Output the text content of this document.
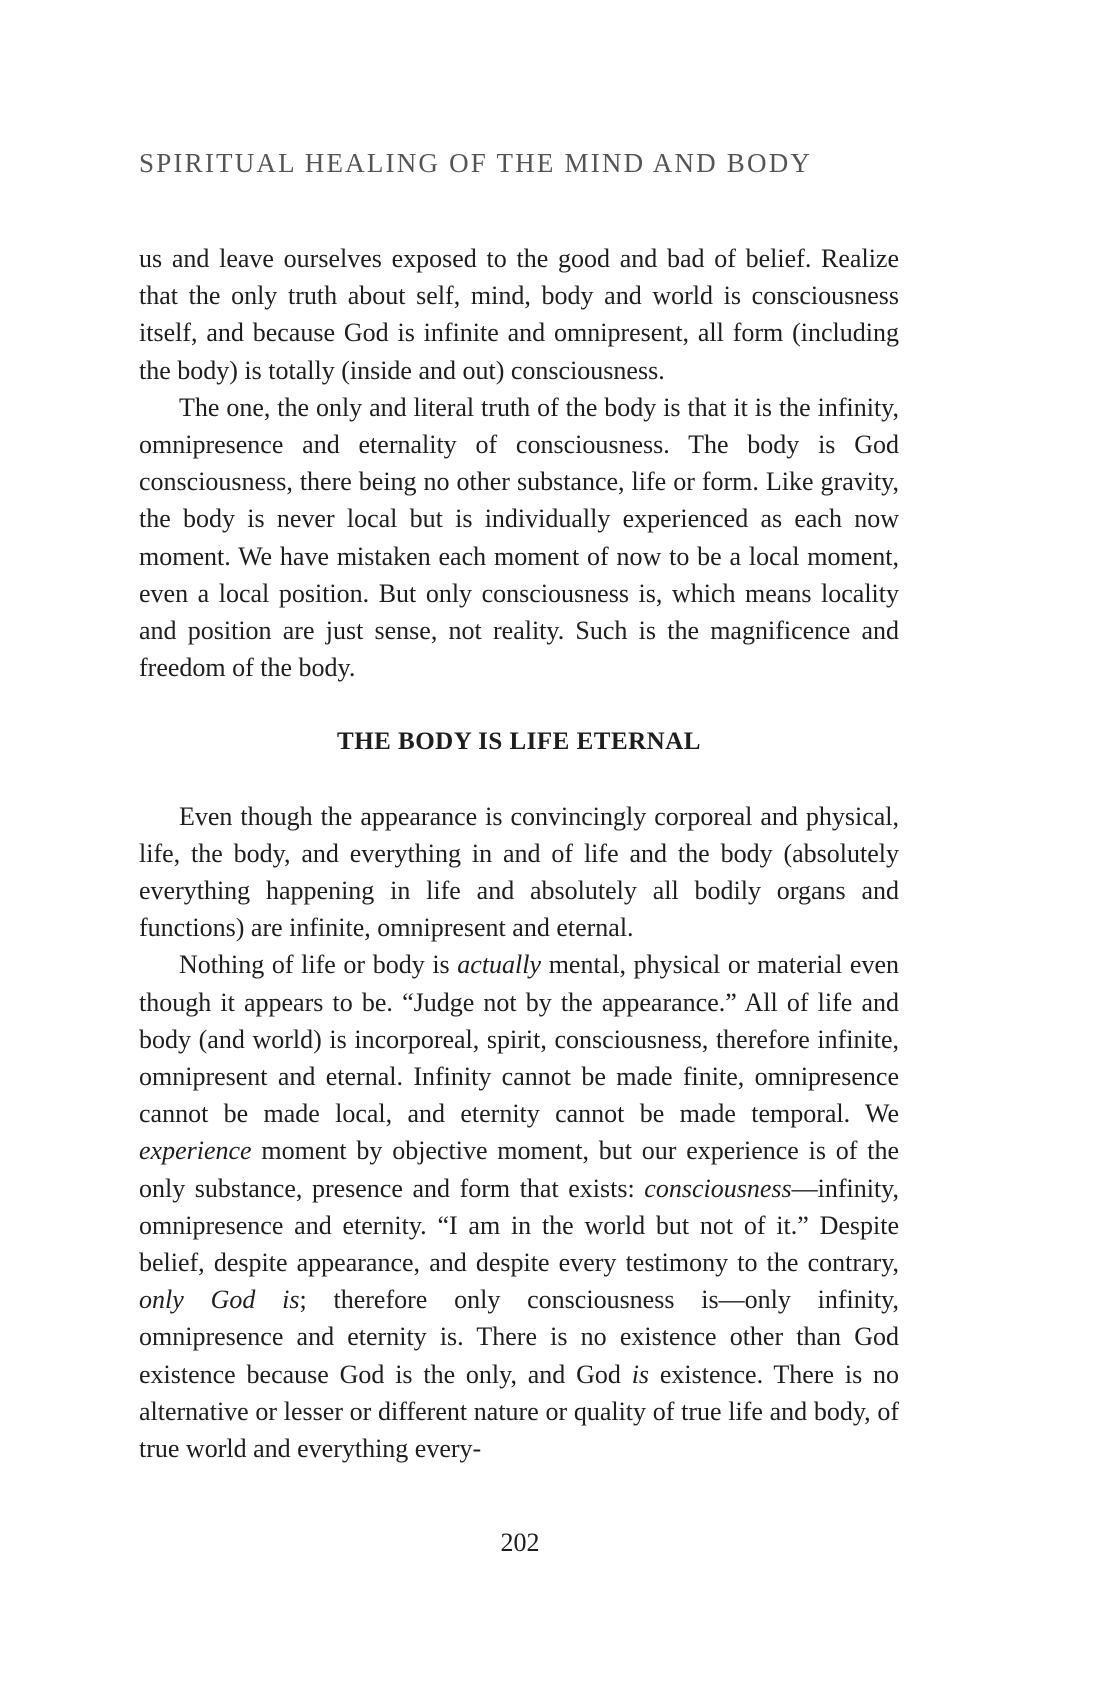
SPIRITUAL HEALING OF THE MIND AND BODY

us and leave ourselves exposed to the good and bad of belief. Realize that the only truth about self, mind, body and world is consciousness itself, and because God is infinite and omnipresent, all form (including the body) is totally (inside and out) consciousness.

The one, the only and literal truth of the body is that it is the infinity, omnipresence and eternality of consciousness. The body is God consciousness, there being no other substance, life or form. Like gravity, the body is never local but is individually experienced as each now moment. We have mistaken each moment of now to be a local moment, even a local position. But only consciousness is, which means locality and position are just sense, not reality. Such is the magnificence and freedom of the body.

THE BODY IS LIFE ETERNAL

Even though the appearance is convincingly corporeal and physical, life, the body, and everything in and of life and the body (absolutely everything happening in life and absolutely all bodily organs and functions) are infinite, omnipresent and eternal.

Nothing of life or body is actually mental, physical or material even though it appears to be. “Judge not by the appearance.” All of life and body (and world) is incorporeal, spirit, consciousness, therefore infinite, omnipresent and eternal. Infinity cannot be made finite, omnipresence cannot be made local, and eternity cannot be made temporal. We experience moment by objective moment, but our experience is of the only substance, presence and form that exists: consciousness—infinity, omnipresence and eternity. “I am in the world but not of it.” Despite belief, despite appearance, and despite every testimony to the contrary, only God is; therefore only consciousness is—only infinity, omnipresence and eternity is. There is no existence other than God existence because God is the only, and God is existence. There is no alternative or lesser or different nature or quality of true life and body, of true world and everything every-

202
